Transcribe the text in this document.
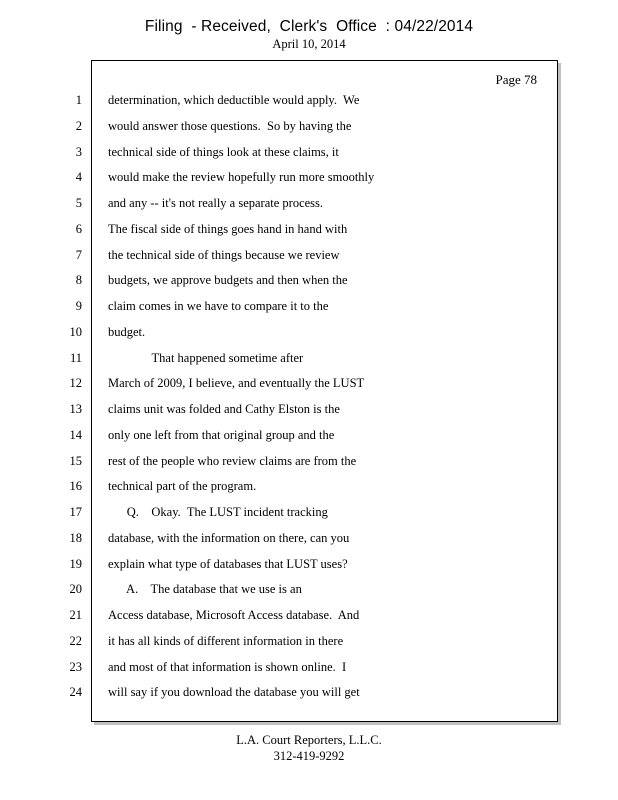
Filing  - Received,  Clerk's  Office  : 04/22/2014
April 10, 2014
Page 78
1 determination, which deductible would apply.  We
2 would answer those questions.  So by having the
3 technical side of things look at these claims, it
4 would make the review hopefully run more smoothly
5 and any -- it's not really a separate process.
6 The fiscal side of things goes hand in hand with
7 the technical side of things because we review
8 budgets, we approve budgets and then when the
9 claim comes in we have to compare it to the
10 budget.
11 That happened sometime after
12 March of 2009, I believe, and eventually the LUST
13 claims unit was folded and Cathy Elston is the
14 only one left from that original group and the
15 rest of the people who review claims are from the
16 technical part of the program.
17 Q.    Okay.  The LUST incident tracking
18 database, with the information on there, can you
19 explain what type of databases that LUST uses?
20 A.    The database that we use is an
21 Access database, Microsoft Access database.  And
22 it has all kinds of different information in there
23 and most of that information is shown online.  I
24 will say if you download the database you will get
L.A. Court Reporters, L.L.C.
312-419-9292
